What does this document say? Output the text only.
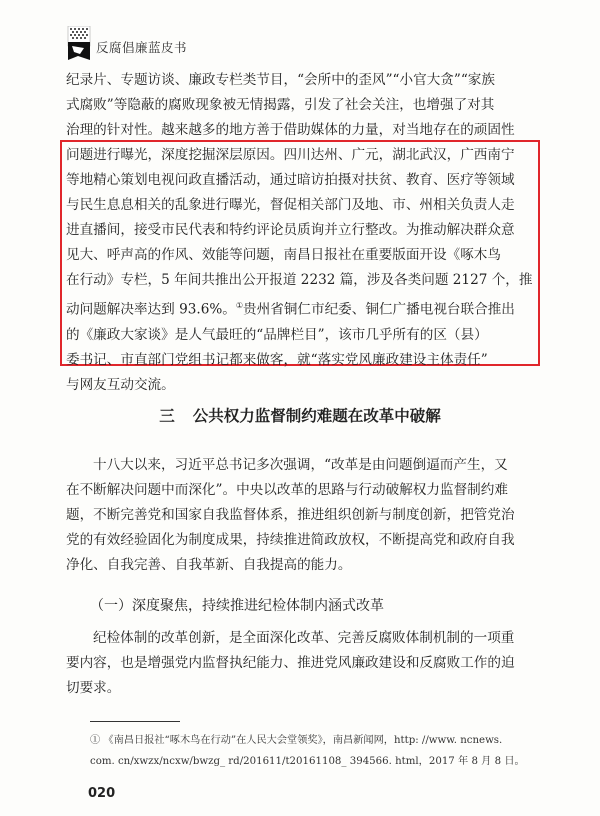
反腐倡廉蓝皮书
纪录片、专题访谈、廉政专栏类节目，“会所中的歪风”“小官大贪”“家族
式腐败”等隐蔽的腐败现象被无情揭露，引发了社会关注，也增强了对其
治理的针对性。越来越多的地方善于借助媒体的力量，对当地存在的顽固性
问题进行曝光，深度挖掘深层原因。四川达州、广元，湖北武汉，广西南宁
等地精心策划电视问政直播活动，通过暗访拍摄对扶贫、教育、医疗等领域
与民生息息相关的乱象进行曝光，督促相关部门及地、市、州相关负责人走
进直播间，接受市民代表和特约评论员质询并立行整改。为推动解决群众意
见大、呼声高的作风、效能等问题，南昌日报社在重要版面开设《啄木鸟
在行动》专栏，5 年间共推出公开报道 2232 篇，涉及各类问题 2127 个，推
动问题解决率达到 93.6%。①贵州省铜仁市纪委、铜仁广播电视台联合推出
的《廉政大家谈》是人气最旺的“品牌栏目”，该市几乎所有的区（县）
委书记、市直部门党组书记都来做客，就“落实党风廉政建设主体责任”
与网友互动交流。
三 公共权力监督制约难题在改革中破解
十八大以来，习近平总书记多次强调，“改革是由问题倒逼而产生，又
在不断解决问题中而深化”。中央以改革的思路与行动破解权力监督制约难
题，不断完善党和国家自我监督体系，推进组织创新与制度创新，把管党治
党的有效经验固化为制度成果，持续推进简政放权，不断提高党和政府自我
净化、自我完善、自我革新、自我提高的能力。
（一）深度聚焦，持续推进纪检体制内涵式改革
纪检体制的改革创新，是全面深化改革、完善反腐败体制机制的一项重
要内容，也是增强党内监督执纪能力、推进党风廉政建设和反腐败工作的迫
切要求。
① 《南昌日报社“啄木鸟在行动”在人民大会堂领奖》，南昌新闻网，http: //www. ncnews.
com. cn/xwzx/ncxw/bwzg_ rd/201611/t20161108_ 394566. html，2017 年 8 月 8 日。
020
